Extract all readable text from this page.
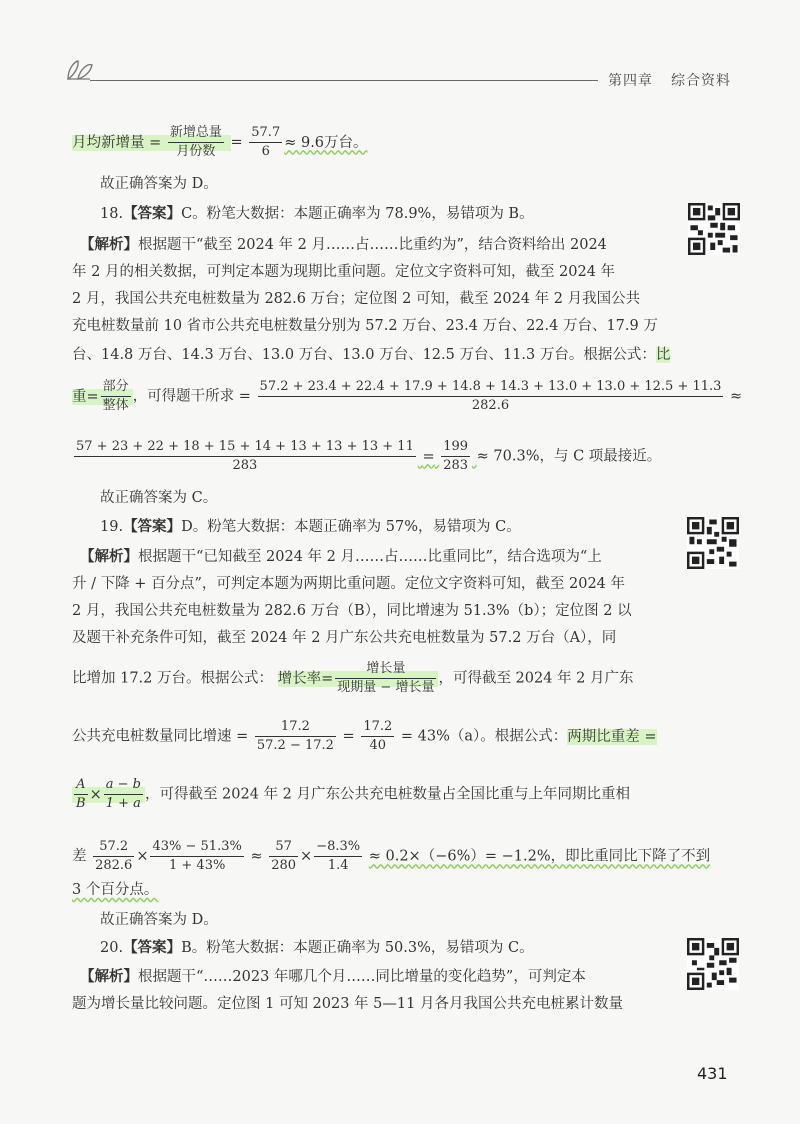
第四章 综合资料
月均新增量 = $\frac{\text{新增总量}}{\text{月份数}} = \frac{57.7}{6} \approx 9.6$万台。
故正确答案为 D。
18.【答案】C。粉笔大数据：本题正确率为 78.9%，易错项为 B。
【解析】根据题干“截至 2024 年 2 月……占……比重约为”，结合资料给出 2024
年 2 月的相关数据，可判定本题为现期比重问题。定位文字资料可知，截至 2024 年
2 月，我国公共充电桩数量为 282.6 万台；定位图 2 可知，截至 2024 年 2 月我国公共
充电桩数量前 10 省市公共充电桩数量分别为 57.2 万台、23.4 万台、22.4 万台、17.9 万
台、14.8 万台、14.3 万台、13.0 万台、13.0 万台、12.5 万台、11.3 万台。根据公式：比
重= $\frac{\text{部分}}{\text{整体}}$ ，可得题干所求 =
57.2 + 23.4 + 22.4 + 17.9 + 14.8 + 14.3 + 13.0 + 13.0 + 12.5 + 11.3
282.6
≈
$\frac{57 + 23 + 22 + 18 + 15 + 14 + 13 + 13 + 13 + 11}{283} = \frac{199}{283} \approx 70.3\%$，与 C 项最接近。
故正确答案为 C。
19.【答案】D。粉笔大数据：本题正确率为 57%，易错项为 C。
【解析】根据题干“已知截至 2024 年 2 月……占……比重同比”，结合选项为“上
升 / 下降 + 百分点”，可判定本题为两期比重问题。定位文字资料可知，截至 2024 年
2 月，我国公共充电桩数量为 282.6 万台（B），同比增速为 51.3%（b）；定位图 2 以
及题干补充条件可知，截至 2024 年 2 月广东公共充电桩数量为 57.2 万台（A），同
比增加 17.2 万台。根据公式： 增长率= $\frac{\text{增长量}}{\text{现期量 − 增长量}}$ ，可得截至 2024 年 2 月广东
公共充电桩数量同比增速 = $\frac{17.2}{57.2 - 17.2} = \frac{17.2}{40} = 43\%(a)$。根据公式：两期比重差 =
$\frac{A}{B} \times \frac{a - b}{1 + a}$ ，可得截至 2024 年 2 月广东公共充电桩数量占全国比重与上年同期比重相
差 $\frac{57.2}{282.6} \times \frac{43\% - 51.3\%}{1 + 43\%} \approx \frac{57}{280} \times \frac{-8.3\%}{1.4} \approx 0.2\times(-6\%)= -1.2\%$，即比重同比下降了不到
3 个百分点。
故正确答案为 D。
20.【答案】B。粉笔大数据：本题正确率为 50.3%，易错项为 C。
【解析】根据题干“……2023 年哪几个月……同比增量的变化趋势”，可判定本
题为增长量比较问题。定位图 1 可知 2023 年 5—11 月各月我国公共充电桩累计数量
431
